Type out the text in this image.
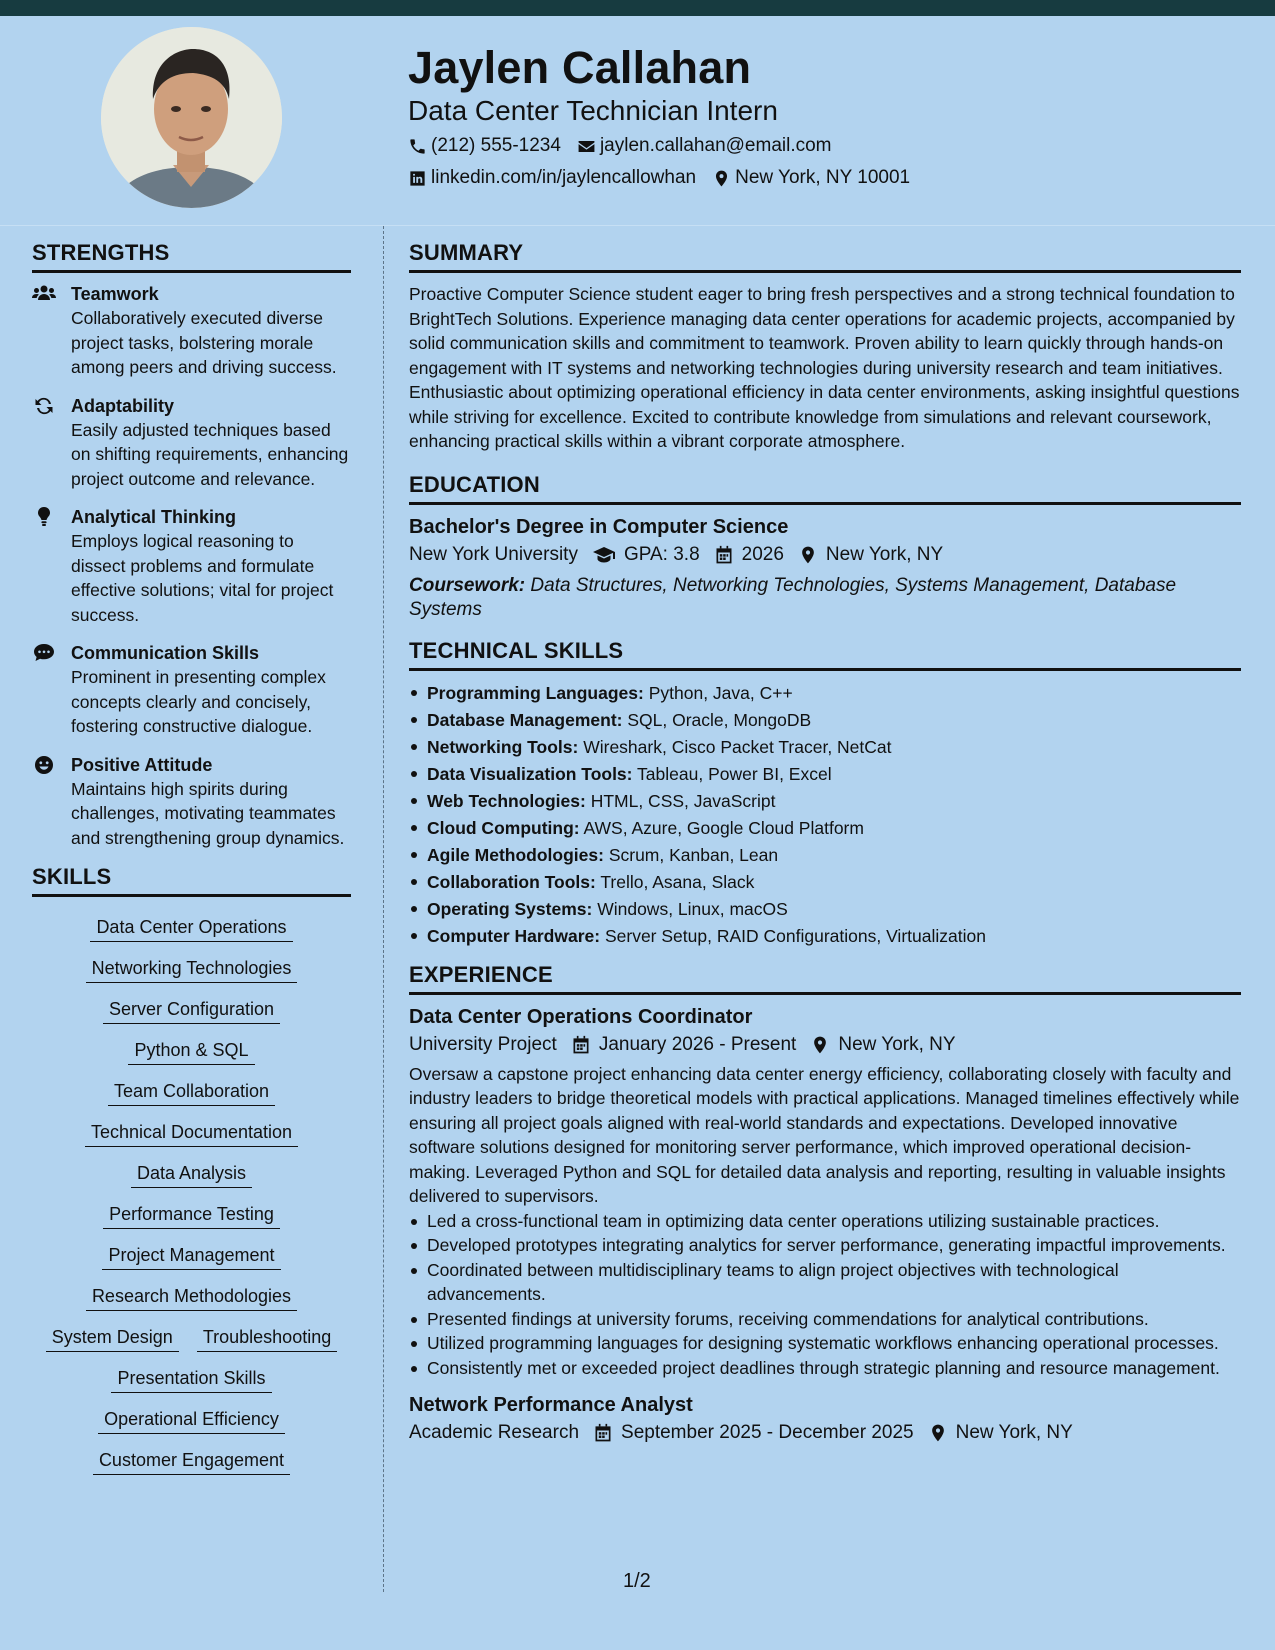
Jaylen Callahan
Data Center Technician Intern
(212) 555-1234 jaylen.callahan@email.com
linkedin.com/in/jaylencallowhan New York, NY 10001
STRENGTHS
Teamwork
Collaboratively executed diverse project tasks, bolstering morale among peers and driving success.
Adaptability
Easily adjusted techniques based on shifting requirements, enhancing project outcome and relevance.
Analytical Thinking
Employs logical reasoning to dissect problems and formulate effective solutions; vital for project success.
Communication Skills
Prominent in presenting complex concepts clearly and concisely, fostering constructive dialogue.
Positive Attitude
Maintains high spirits during challenges, motivating teammates and strengthening group dynamics.
SKILLS
Data Center Operations
Networking Technologies
Server Configuration
Python & SQL
Team Collaboration
Technical Documentation
Data Analysis
Performance Testing
Project Management
Research Methodologies
System Design	Troubleshooting
Presentation Skills
Operational Efficiency
Customer Engagement
SUMMARY
Proactive Computer Science student eager to bring fresh perspectives and a strong technical foundation to BrightTech Solutions. Experience managing data center operations for academic projects, accompanied by solid communication skills and commitment to teamwork. Proven ability to learn quickly through hands-on engagement with IT systems and networking technologies during university research and team initiatives. Enthusiastic about optimizing operational efficiency in data center environments, asking insightful questions while striving for excellence. Excited to contribute knowledge from simulations and relevant coursework, enhancing practical skills within a vibrant corporate atmosphere.
EDUCATION
Bachelor's Degree in Computer Science
New York University GPA: 3.8 2026 New York, NY
Coursework: Data Structures, Networking Technologies, Systems Management, Database Systems
TECHNICAL SKILLS
Programming Languages: Python, Java, C++
Database Management: SQL, Oracle, MongoDB
Networking Tools: Wireshark, Cisco Packet Tracer, NetCat
Data Visualization Tools: Tableau, Power BI, Excel
Web Technologies: HTML, CSS, JavaScript
Cloud Computing: AWS, Azure, Google Cloud Platform
Agile Methodologies: Scrum, Kanban, Lean
Collaboration Tools: Trello, Asana, Slack
Operating Systems: Windows, Linux, macOS
Computer Hardware: Server Setup, RAID Configurations, Virtualization
EXPERIENCE
Data Center Operations Coordinator
University Project January 2026 - Present New York, NY
Oversaw a capstone project enhancing data center energy efficiency, collaborating closely with faculty and industry leaders to bridge theoretical models with practical applications. Managed timelines effectively while ensuring all project goals aligned with real-world standards and expectations. Developed innovative software solutions designed for monitoring server performance, which improved operational decision-making. Leveraged Python and SQL for detailed data analysis and reporting, resulting in valuable insights delivered to supervisors.
Led a cross-functional team in optimizing data center operations utilizing sustainable practices.
Developed prototypes integrating analytics for server performance, generating impactful improvements.
Coordinated between multidisciplinary teams to align project objectives with technological advancements.
Presented findings at university forums, receiving commendations for analytical contributions.
Utilized programming languages for designing systematic workflows enhancing operational processes.
Consistently met or exceeded project deadlines through strategic planning and resource management.
Network Performance Analyst
Academic Research September 2025 - December 2025 New York, NY
1/2
